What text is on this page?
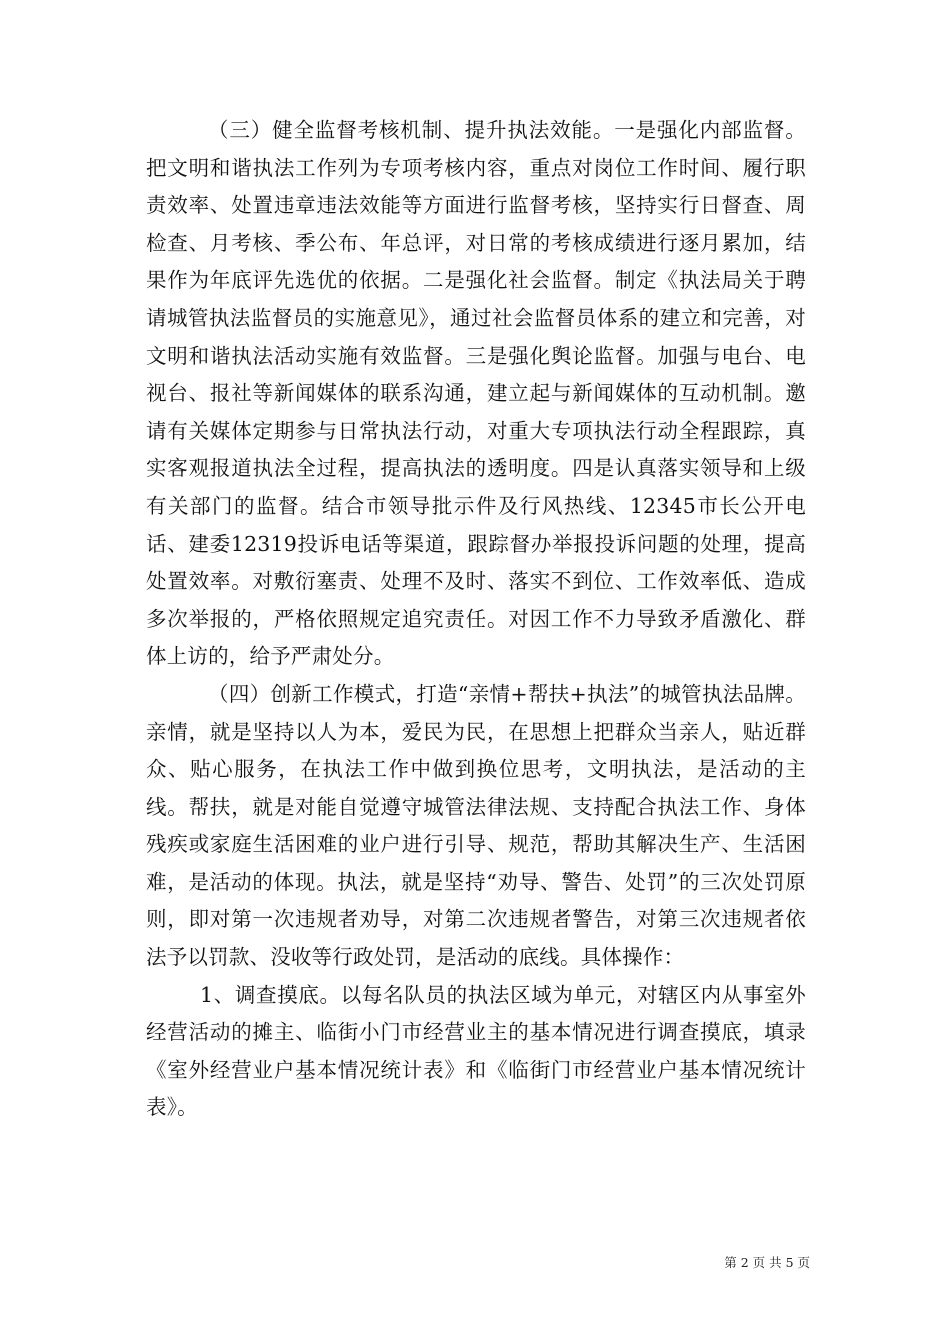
（三）健全监督考核机制、提升执法效能。一是强化内部监督。把文明和谐执法工作列为专项考核内容，重点对岗位工作时间、履行职责效率、处置违章违法效能等方面进行监督考核，坚持实行日督查、周检查、月考核、季公布、年总评，对日常的考核成绩进行逐月累加，结果作为年底评先选优的依据。二是强化社会监督。制定《执法局关于聘请城管执法监督员的实施意见》，通过社会监督员体系的建立和完善，对文明和谐执法活动实施有效监督。三是强化舆论监督。加强与电台、电视台、报社等新闻媒体的联系沟通，建立起与新闻媒体的互动机制。邀请有关媒体定期参与日常执法行动，对重大专项执法行动全程跟踪，真实客观报道执法全过程，提高执法的透明度。四是认真落实领导和上级有关部门的监督。结合市领导批示件及行风热线、12345市长公开电话、建委12319投诉电话等渠道，跟踪督办举报投诉问题的处理，提高处置效率。对敷衍塞责、处理不及时、落实不到位、工作效率低、造成多次举报的，严格依照规定追究责任。对因工作不力导致矛盾激化、群体上访的，给予严肃处分。

（四）创新工作模式，打造“亲情+帮扶+执法”的城管执法品牌。亲情，就是坚持以人为本，爱民为民，在思想上把群众当亲人，贴近群众、贴心服务，在执法工作中做到换位思考，文明执法，是活动的主线。帮扶，就是对能自觉遵守城管法律法规、支持配合执法工作、身体残疾或家庭生活困难的业户进行引导、规范，帮助其解决生产、生活困难，是活动的体现。执法，就是坚持“劝导、警告、处罚”的三次处罚原则，即对第一次违规者劝导，对第二次违规者警告，对第三次违规者依法予以罚款、没收等行政处罚，是活动的底线。具体操作：

1、调查摸底。以每名队员的执法区域为单元，对辖区内从事室外经营活动的摊主、临街小门市经营业主的基本情况进行调查摸底，填录《室外经营业户基本情况统计表》和《临街门市经营业户基本情况统计表》。

第 2 页 共 5 页
